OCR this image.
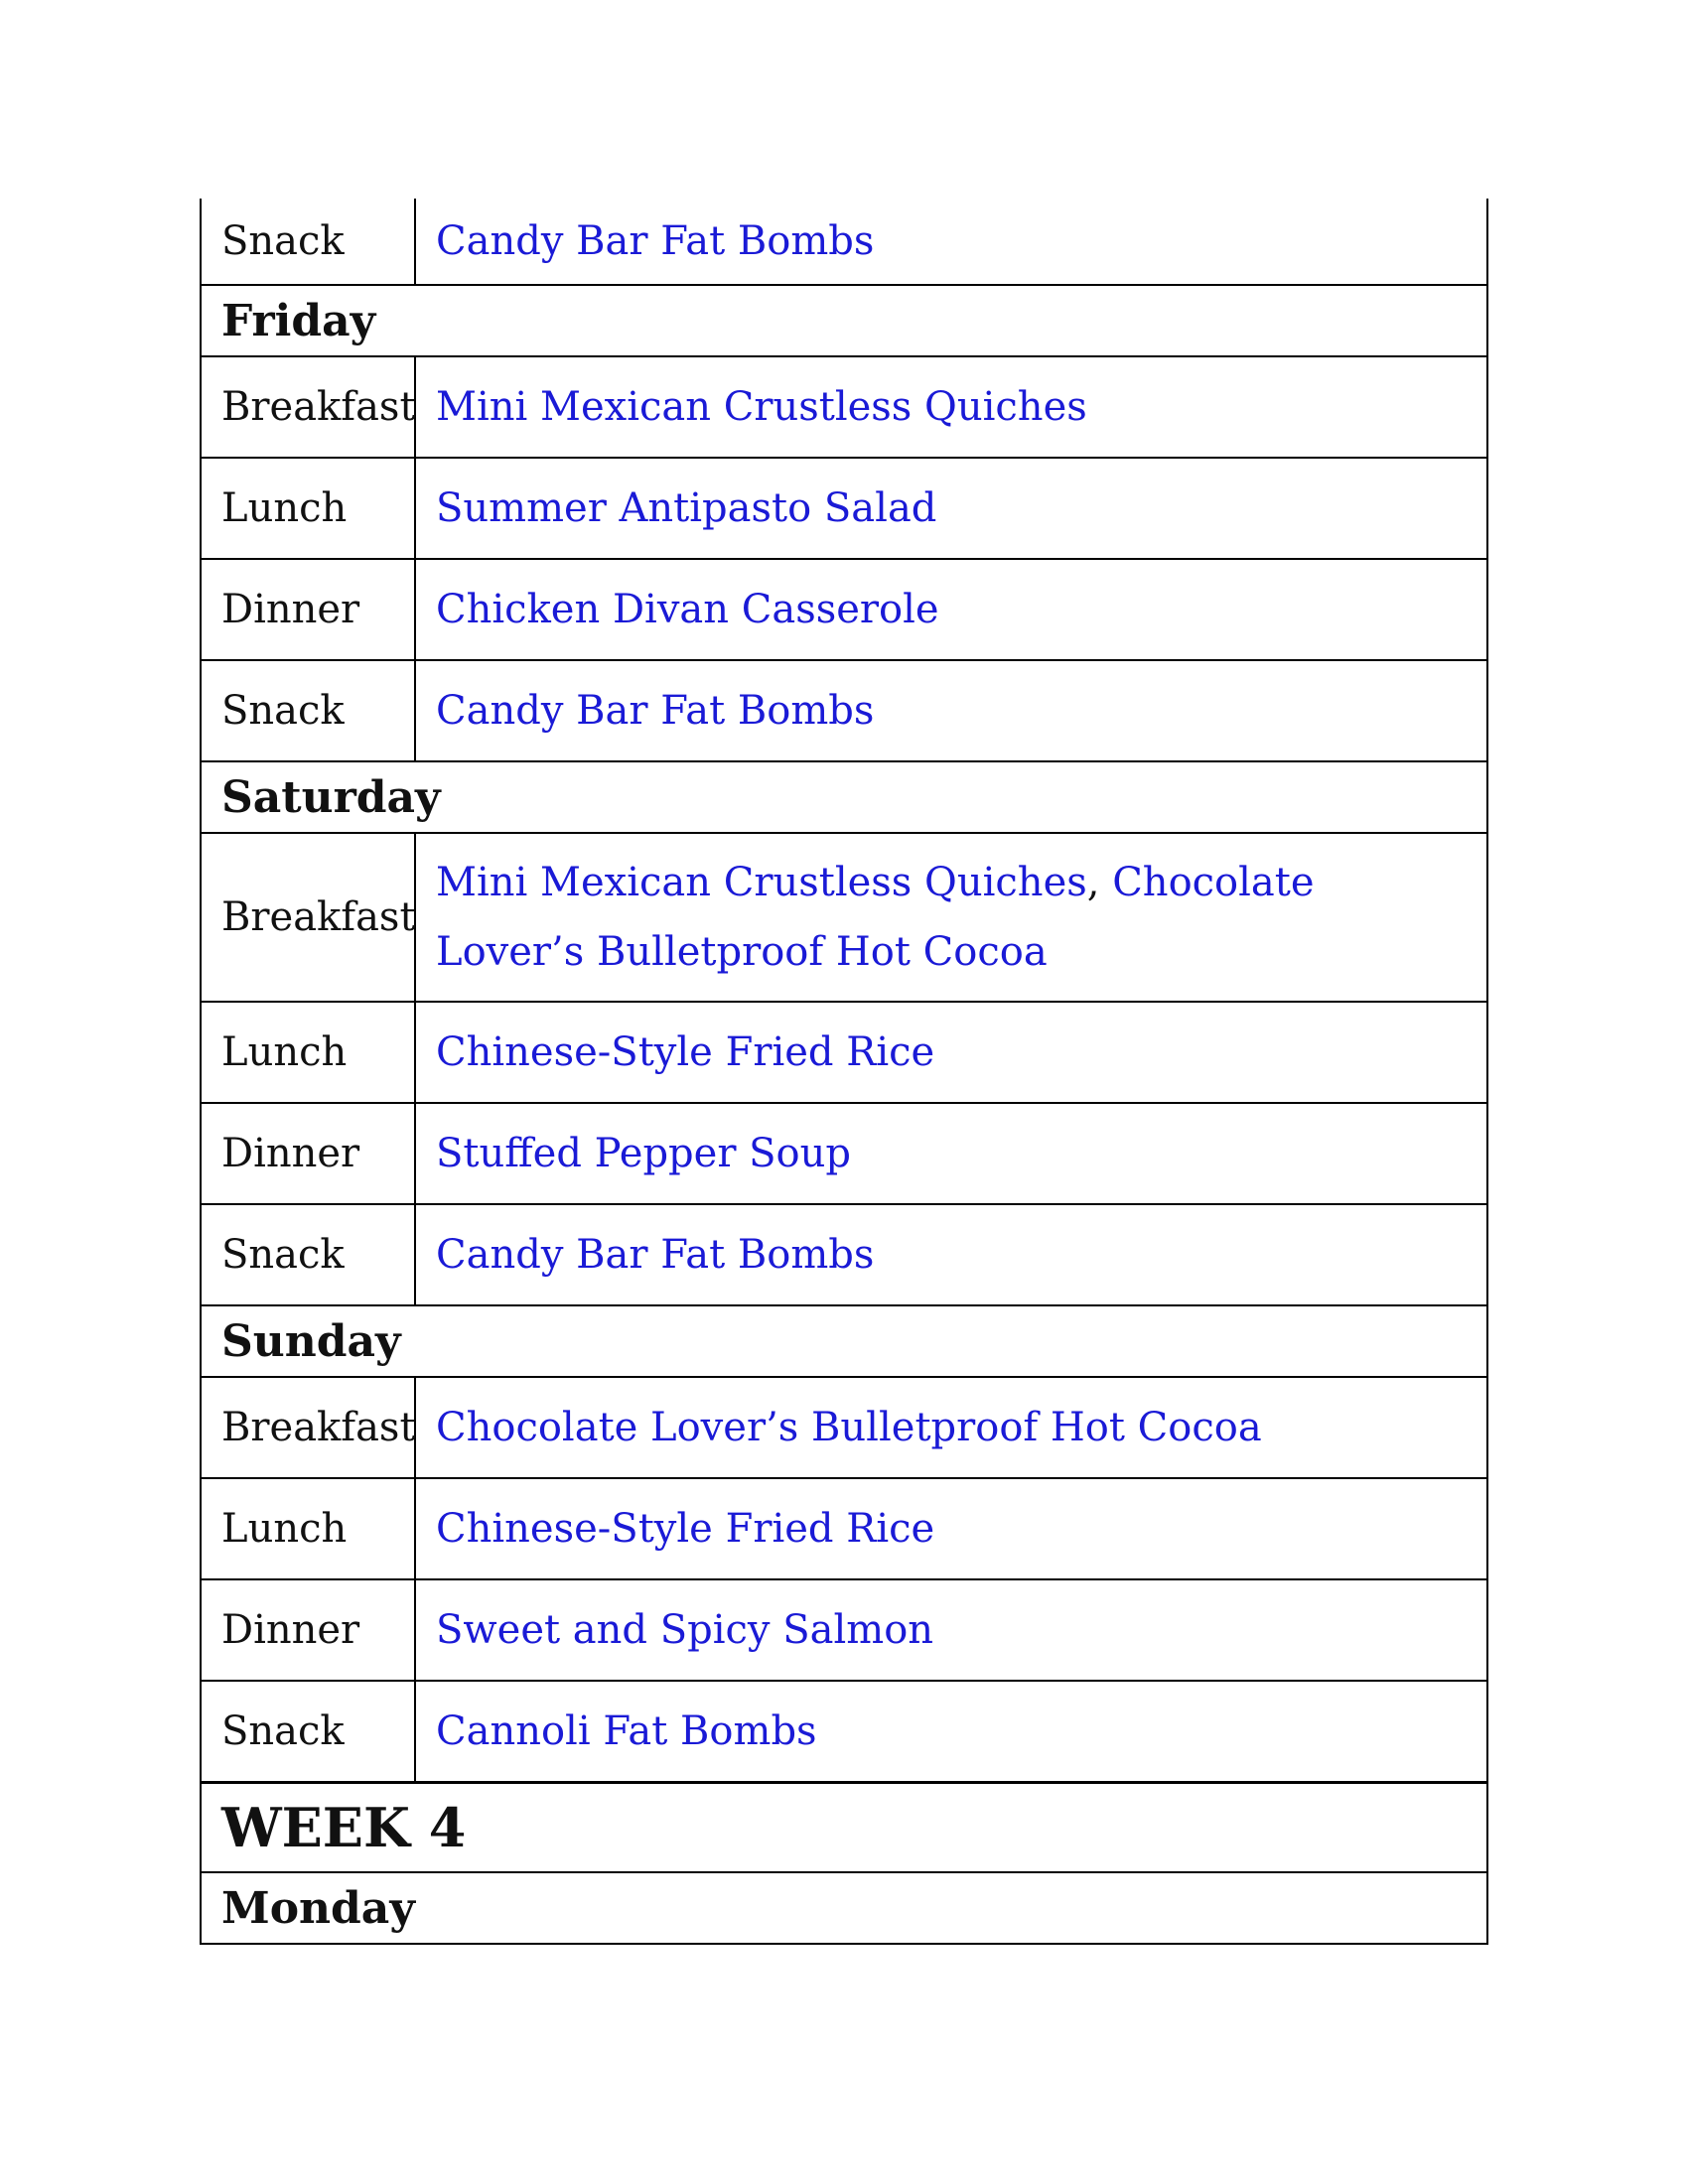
Snack	Candy Bar Fat Bombs
Friday	
Breakfast	Mini Mexican Crustless Quiches
Lunch	Summer Antipasto Salad
Dinner	Chicken Divan Casserole
Snack	Candy Bar Fat Bombs
Saturday	
Breakfast	Mini Mexican Crustless Quiches, Chocolate Lover’s Bulletproof Hot Cocoa
Lunch	Chinese-Style Fried Rice
Dinner	Stuffed Pepper Soup
Snack	Candy Bar Fat Bombs
Sunday	
Breakfast	Chocolate Lover’s Bulletproof Hot Cocoa
Lunch	Chinese-Style Fried Rice
Dinner	Sweet and Spicy Salmon
Snack	Cannoli Fat Bombs
WEEK 4	
Monday	
